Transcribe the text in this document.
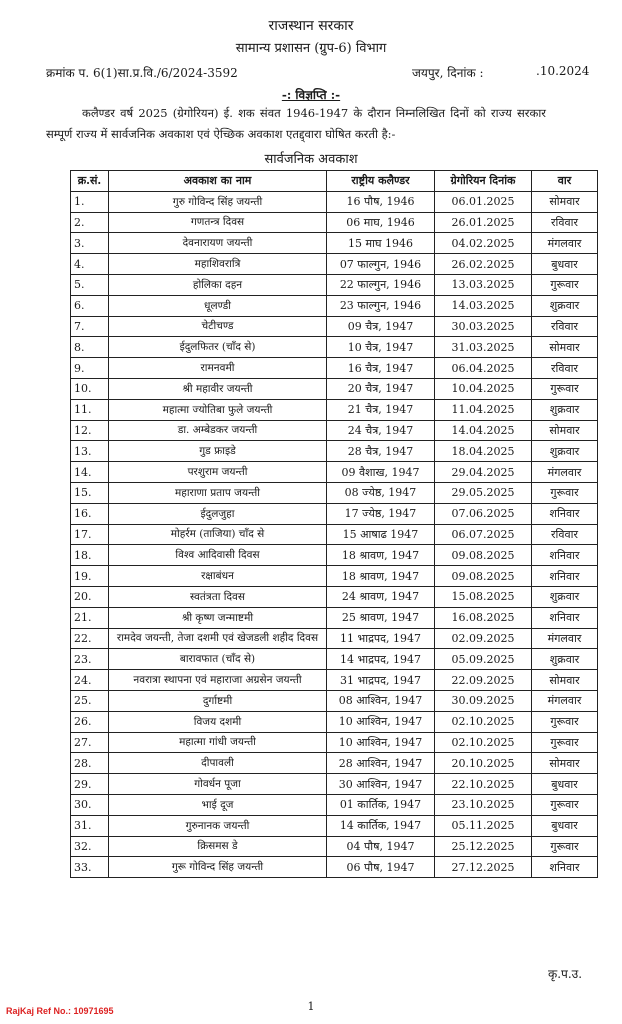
राजस्थान सरकार
सामान्य प्रशासन (ग्रुप-6) विभाग
क्रमांक प. 6(1)सा.प्र.वि./6/2024-3592	जयपुर, दिनांक :	.10.2024
-: विज्ञप्ति :-
कलैण्डर वर्ष 2025 (ग्रेगोरियन) ई. शक संवत 1946-1947 के दौरान निम्नलिखित दिनों को राज्य सरकार सम्पूर्ण राज्य में सार्वजनिक अवकाश एवं ऐच्छिक अवकाश एतद्द्वारा घोषित करती है:-
सार्वजनिक अवकाश
क्र.सं.	अवकाश का नाम	राष्ट्रीय कलैण्डर	ग्रेगोरियन दिनांक	वार
1.	गुरु गोविन्द सिंह जयन्ती	16 पौष, 1946	06.01.2025	सोमवार
2.	गणतन्त्र दिवस	06 माघ, 1946	26.01.2025	रविवार
3.	देवनारायण जयन्ती	15 माघ 1946	04.02.2025	मंगलवार
4.	महाशिवरात्रि	07 फाल्गुन, 1946	26.02.2025	बुधवार
5.	होलिका दहन	22 फाल्गुन, 1946	13.03.2025	गुरूवार
6.	धूलण्डी	23 फाल्गुन, 1946	14.03.2025	शुक्रवार
7.	चेटीचण्ड	09 चैत्र, 1947	30.03.2025	रविवार
8.	ईदुलफितर (चाँद से)	10 चैत्र, 1947	31.03.2025	सोमवार
9.	रामनवमी	16 चैत्र, 1947	06.04.2025	रविवार
10.	श्री महावीर जयन्ती	20 चैत्र, 1947	10.04.2025	गुरूवार
11.	महात्मा ज्योतिबा फुले जयन्ती	21 चैत्र, 1947	11.04.2025	शुक्रवार
12.	डा. अम्बेडकर जयन्ती	24 चैत्र, 1947	14.04.2025	सोमवार
13.	गुड फ्राइडे	28 चैत्र, 1947	18.04.2025	शुक्रवार
14.	परशुराम जयन्ती	09 वैशाख, 1947	29.04.2025	मंगलवार
15.	महाराणा प्रताप जयन्ती	08 ज्येष्ठ, 1947	29.05.2025	गुरूवार
16.	ईदुलजुहा	17 ज्येष्ठ, 1947	07.06.2025	शनिवार
17.	मोहर्रम (ताजिया) चाँद से	15 आषाढ 1947	06.07.2025	रविवार
18.	विश्व आदिवासी दिवस	18 श्रावण, 1947	09.08.2025	शनिवार
19.	रक्षाबंधन	18 श्रावण, 1947	09.08.2025	शनिवार
20.	स्वतंत्रता दिवस	24 श्रावण, 1947	15.08.2025	शुक्रवार
21.	श्री कृष्ण जन्माष्टमी	25 श्रावण, 1947	16.08.2025	शनिवार
22.	रामदेव जयन्ती, तेजा दशमी एवं खेजडली शहीद दिवस	11 भाद्रपद, 1947	02.09.2025	मंगलवार
23.	बारावफात (चाँद से)	14 भाद्रपद, 1947	05.09.2025	शुक्रवार
24.	नवरात्रा स्थापना एवं महाराजा अग्रसेन जयन्ती	31 भाद्रपद, 1947	22.09.2025	सोमवार
25.	दुर्गाष्टमी	08 आश्विन, 1947	30.09.2025	मंगलवार
26.	विजय दशमी	10 आश्विन, 1947	02.10.2025	गुरूवार
27.	महात्मा गांधी जयन्ती	10 आश्विन, 1947	02.10.2025	गुरूवार
28.	दीपावली	28 आश्विन, 1947	20.10.2025	सोमवार
29.	गोवर्धन पूजा	30 आश्विन, 1947	22.10.2025	बुधवार
30.	भाई दूज	01 कार्तिक, 1947	23.10.2025	गुरूवार
31.	गुरुनानक जयन्ती	14 कार्तिक, 1947	05.11.2025	बुधवार
32.	क्रिसमस डे	04 पौष, 1947	25.12.2025	गुरूवार
33.	गुरू गोविन्द सिंह जयन्ती	06 पौष, 1947	27.12.2025	शनिवार
कृ.प.उ.
1
RajKaj Ref No.: 10971695
